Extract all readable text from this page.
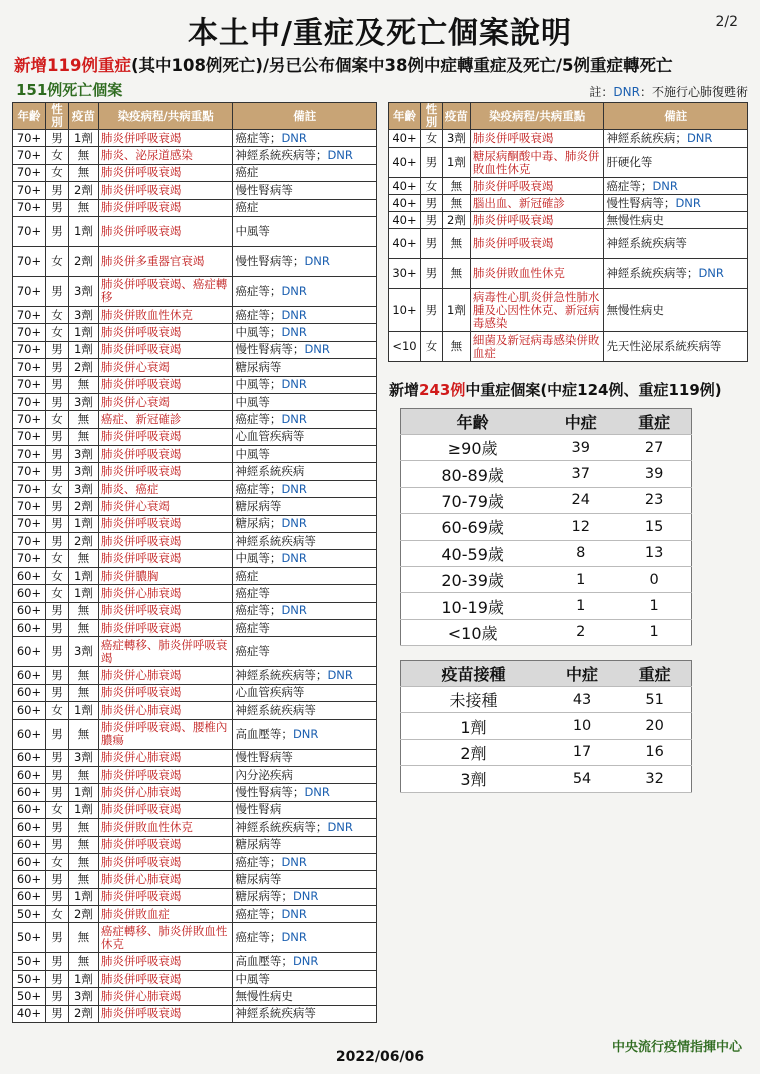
2/2
本土中/重症及死亡個案說明
新增119例重症(其中108例死亡)/另已公布個案中38例中症轉重症及死亡/5例重症轉死亡
151例死亡個案	註：DNR：不施行心肺復甦術
年齡	性別	疫苗	染疫病程/共病重點	備註
70+	男	1劑	肺炎併呼吸衰竭	癌症等；DNR
70+	女	無	肺炎、泌尿道感染	神經系統疾病等；DNR
70+	女	無	肺炎併呼吸衰竭	癌症
70+	男	2劑	肺炎併呼吸衰竭	慢性腎病等
70+	男	無	肺炎併呼吸衰竭	癌症
70+	男	1劑	肺炎併呼吸衰竭	中風等
70+	女	2劑	肺炎併多重器官衰竭	慢性腎病等；DNR
70+	男	3劑	肺炎併呼吸衰竭、癌症轉移	癌症等；DNR
70+	女	3劑	肺炎併敗血性休克	癌症等；DNR
70+	女	1劑	肺炎併呼吸衰竭	中風等；DNR
70+	男	1劑	肺炎併呼吸衰竭	慢性腎病等；DNR
70+	男	2劑	肺炎併心衰竭	糖尿病等
70+	男	無	肺炎併呼吸衰竭	中風等；DNR
70+	男	3劑	肺炎併心衰竭	中風等
70+	女	無	癌症、新冠確診	癌症等；DNR
70+	男	無	肺炎併呼吸衰竭	心血管疾病等
70+	男	3劑	肺炎併呼吸衰竭	中風等
70+	男	3劑	肺炎併呼吸衰竭	神經系統疾病
70+	女	3劑	肺炎、癌症	癌症等；DNR
70+	男	2劑	肺炎併心衰竭	糖尿病等
70+	男	1劑	肺炎併呼吸衰竭	糖尿病；DNR
70+	男	2劑	肺炎併呼吸衰竭	神經系統疾病等
70+	女	無	肺炎併呼吸衰竭	中風等；DNR
60+	女	1劑	肺炎併膿胸	癌症
60+	女	1劑	肺炎併心肺衰竭	癌症等
60+	男	無	肺炎併呼吸衰竭	癌症等；DNR
60+	男	無	肺炎併呼吸衰竭	癌症等
60+	男	3劑	癌症轉移、肺炎併呼吸衰竭	癌症等
60+	男	無	肺炎併心肺衰竭	神經系統疾病等；DNR
60+	男	無	肺炎併呼吸衰竭	心血管疾病等
60+	女	1劑	肺炎併心肺衰竭	神經系統疾病等
60+	男	無	肺炎併呼吸衰竭、腰椎內膿瘍	高血壓等；DNR
60+	男	3劑	肺炎併心肺衰竭	慢性腎病等
60+	男	無	肺炎併呼吸衰竭	內分泌疾病
60+	男	1劑	肺炎併心肺衰竭	慢性腎病等；DNR
60+	女	1劑	肺炎併呼吸衰竭	慢性腎病
60+	男	無	肺炎併敗血性休克	神經系統疾病等；DNR
60+	男	無	肺炎併呼吸衰竭	糖尿病等
60+	女	無	肺炎併呼吸衰竭	癌症等；DNR
60+	男	無	肺炎併心肺衰竭	糖尿病等
60+	男	1劑	肺炎併呼吸衰竭	糖尿病等；DNR
50+	女	2劑	肺炎併敗血症	癌症等；DNR
50+	男	無	癌症轉移、肺炎併敗血性休克	癌症等；DNR
50+	男	無	肺炎併呼吸衰竭	高血壓等；DNR
50+	男	1劑	肺炎併呼吸衰竭	中風等
50+	男	3劑	肺炎併心肺衰竭	無慢性病史
40+	男	2劑	肺炎併呼吸衰竭	神經系統疾病等
年齡	性別	疫苗	染疫病程/共病重點	備註
40+	女	3劑	肺炎併呼吸衰竭	神經系統疾病；DNR
40+	男	1劑	糖尿病酮酸中毒、肺炎併敗血性休克	肝硬化等
40+	女	無	肺炎併呼吸衰竭	癌症等；DNR
40+	男	無	腦出血、新冠確診	慢性腎病等；DNR
40+	男	2劑	肺炎併呼吸衰竭	無慢性病史
40+	男	無	肺炎併呼吸衰竭	神經系統疾病等
30+	男	無	肺炎併敗血性休克	神經系統疾病等；DNR
10+	男	1劑	病毒性心肌炎併急性肺水腫及心因性休克、新冠病毒感染	無慢性病史
<10	女	無	細菌及新冠病毒感染併敗血症	先天性泌尿系統疾病等
新增243例中重症個案(中症124例、重症119例)
年齡	中症	重症
≥90歲	39	27
80-89歲	37	39
70-79歲	24	23
60-69歲	12	15
40-59歲	8	13
20-39歲	1	0
10-19歲	1	1
<10歲	2	1
疫苗接種	中症	重症
未接種	43	51
1劑	10	20
2劑	17	16
3劑	54	32
2022/06/06
中央流行疫情指揮中心
